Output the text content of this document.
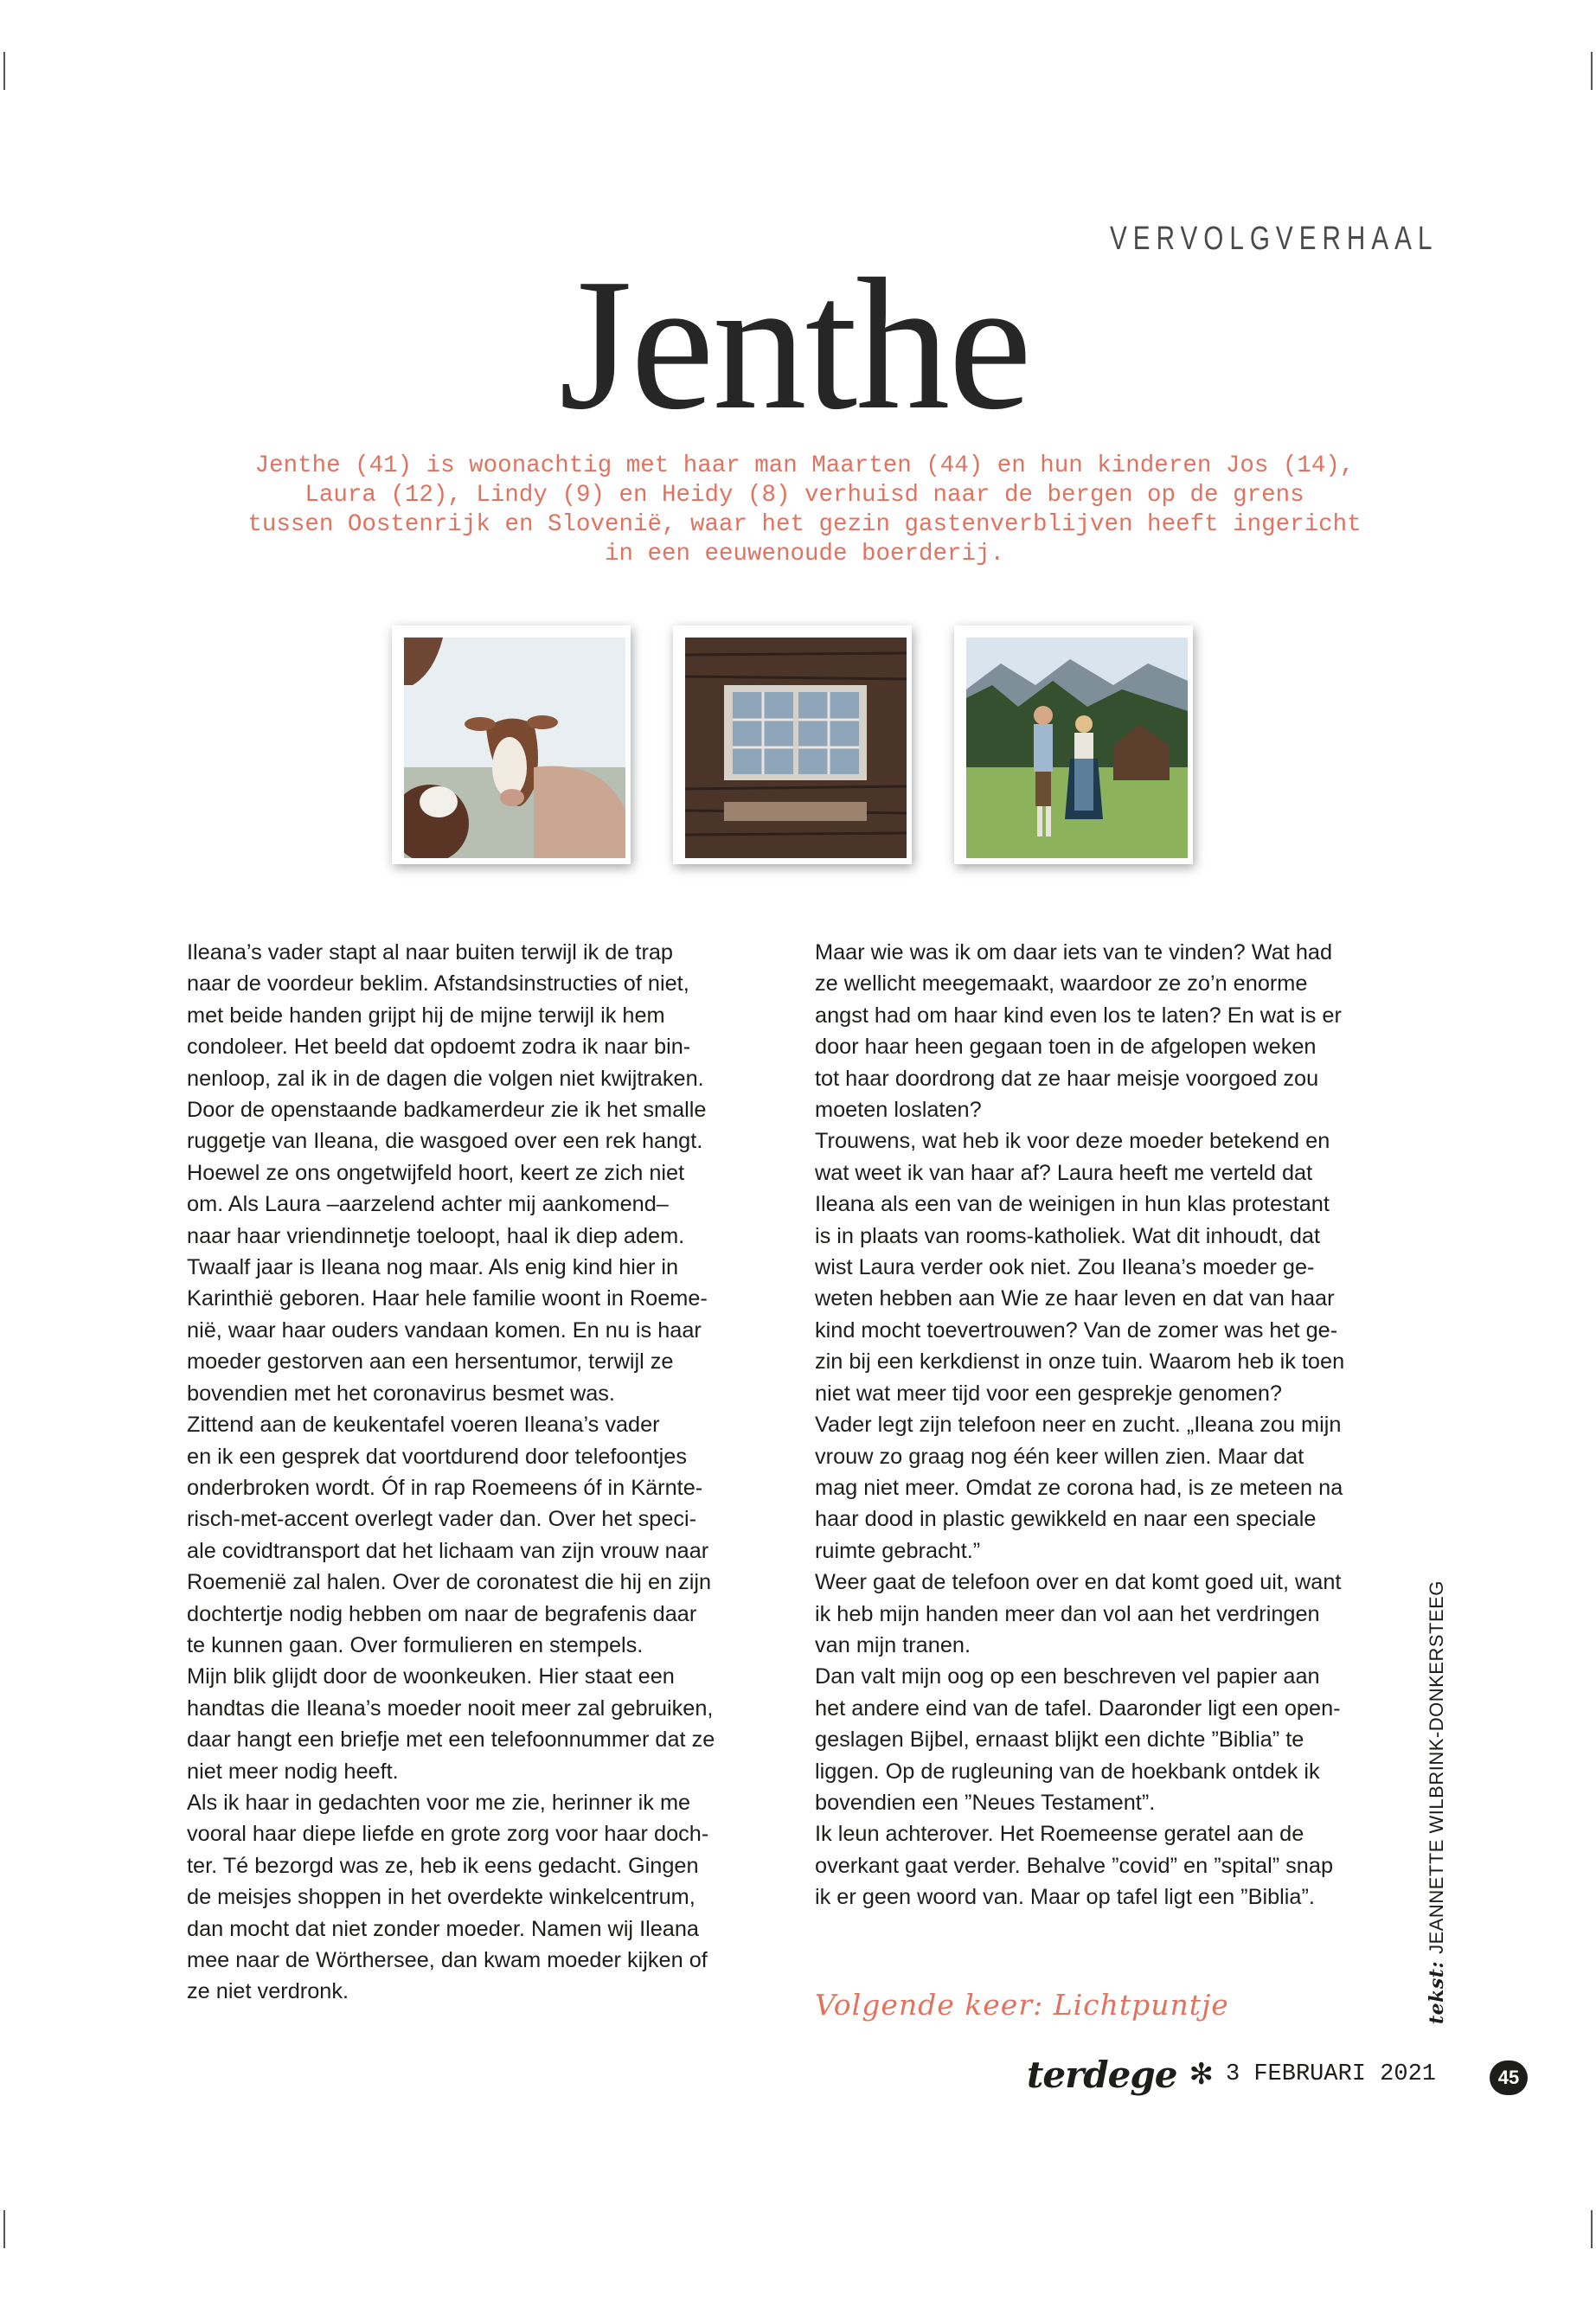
VERVOLGVERHAAL
Jenthe
Jenthe (41) is woonachtig met haar man Maarten (44) en hun kinderen Jos (14),
Laura (12), Lindy (9) en Heidy (8) verhuisd naar de bergen op de grens
tussen Oostenrijk en Slovenië, waar het gezin gastenverblijven heeft ingericht
in een eeuwenoude boerderij.

Ileana’s vader stapt al naar buiten terwijl ik de trap

naar de voordeur beklim. Afstandsinstructies of niet,

met beide handen grijpt hij de mijne terwijl ik hem

condoleer. Het beeld dat opdoemt zodra ik naar bin-

nenloop, zal ik in de dagen die volgen niet kwijtraken.

Door de openstaande badkamerdeur zie ik het smalle

ruggetje van Ileana, die wasgoed over een rek hangt.

Hoewel ze ons ongetwijfeld hoort, keert ze zich niet

om. Als Laura –aarzelend achter mij aankomend–

naar haar vriendinnetje toeloopt, haal ik diep adem.

Twaalf jaar is Ileana nog maar. Als enig kind hier in

Karinthië geboren. Haar hele familie woont in Roeme-

nië, waar haar ouders vandaan komen. En nu is haar

moeder gestorven aan een hersentumor, terwijl ze

bovendien met het coronavirus besmet was.

Zittend aan de keukentafel voeren Ileana’s vader

en ik een gesprek dat voortdurend door telefoontjes

onderbroken wordt. Óf in rap Roemeens óf in Kärnte-

risch-met-accent overlegt vader dan. Over het speci-

ale covidtransport dat het lichaam van zijn vrouw naar

Roemenië zal halen. Over de coronatest die hij en zijn

dochtertje nodig hebben om naar de begrafenis daar

te kunnen gaan. Over formulieren en stempels.

Mijn blik glijdt door de woonkeuken. Hier staat een

handtas die Ileana’s moeder nooit meer zal gebruiken,

daar hangt een briefje met een telefoonnummer dat ze

niet meer nodig heeft.

Als ik haar in gedachten voor me zie, herinner ik me

vooral haar diepe liefde en grote zorg voor haar doch-

ter. Té bezorgd was ze, heb ik eens gedacht. Gingen

de meisjes shoppen in het overdekte winkelcentrum,

dan mocht dat niet zonder moeder. Namen wij Ileana

mee naar de Wörthersee, dan kwam moeder kijken of

ze niet verdronk.

Maar wie was ik om daar iets van te vinden? Wat had

ze wellicht meegemaakt, waardoor ze zo’n enorme

angst had om haar kind even los te laten? En wat is er

door haar heen gegaan toen in de afgelopen weken

tot haar doordrong dat ze haar meisje voorgoed zou

moeten loslaten?

Trouwens, wat heb ik voor deze moeder betekend en

wat weet ik van haar af? Laura heeft me verteld dat

Ileana als een van de weinigen in hun klas protestant

is in plaats van rooms-katholiek. Wat dit inhoudt, dat

wist Laura verder ook niet. Zou Ileana’s moeder ge-

weten hebben aan Wie ze haar leven en dat van haar

kind mocht toevertrouwen? Van de zomer was het ge-

zin bij een kerkdienst in onze tuin. Waarom heb ik toen

niet wat meer tijd voor een gesprekje genomen?

Vader legt zijn telefoon neer en zucht. „Ileana zou mijn

vrouw zo graag nog één keer willen zien. Maar dat

mag niet meer. Omdat ze corona had, is ze meteen na

haar dood in plastic gewikkeld en naar een speciale

ruimte gebracht.”

Weer gaat de telefoon over en dat komt goed uit, want

ik heb mijn handen meer dan vol aan het verdringen

van mijn tranen.

Dan valt mijn oog op een beschreven vel papier aan

het andere eind van de tafel. Daaronder ligt een open-

geslagen Bijbel, ernaast blijkt een dichte ”Biblia” te

liggen. Op de rugleuning van de hoekbank ontdek ik

bovendien een ”Neues Testament”.

Ik leun achterover. Het Roemeense geratel aan de

overkant gaat verder. Behalve ”covid” en ”spital” snap

ik er geen woord van. Maar op tafel ligt een ”Biblia”.

Volgende keer: Lichtpuntje	tekst:JEANNETTE WILBRINK-DONKERSTEEG
terdege ✻ 3 FEBRUARI 2021	45
